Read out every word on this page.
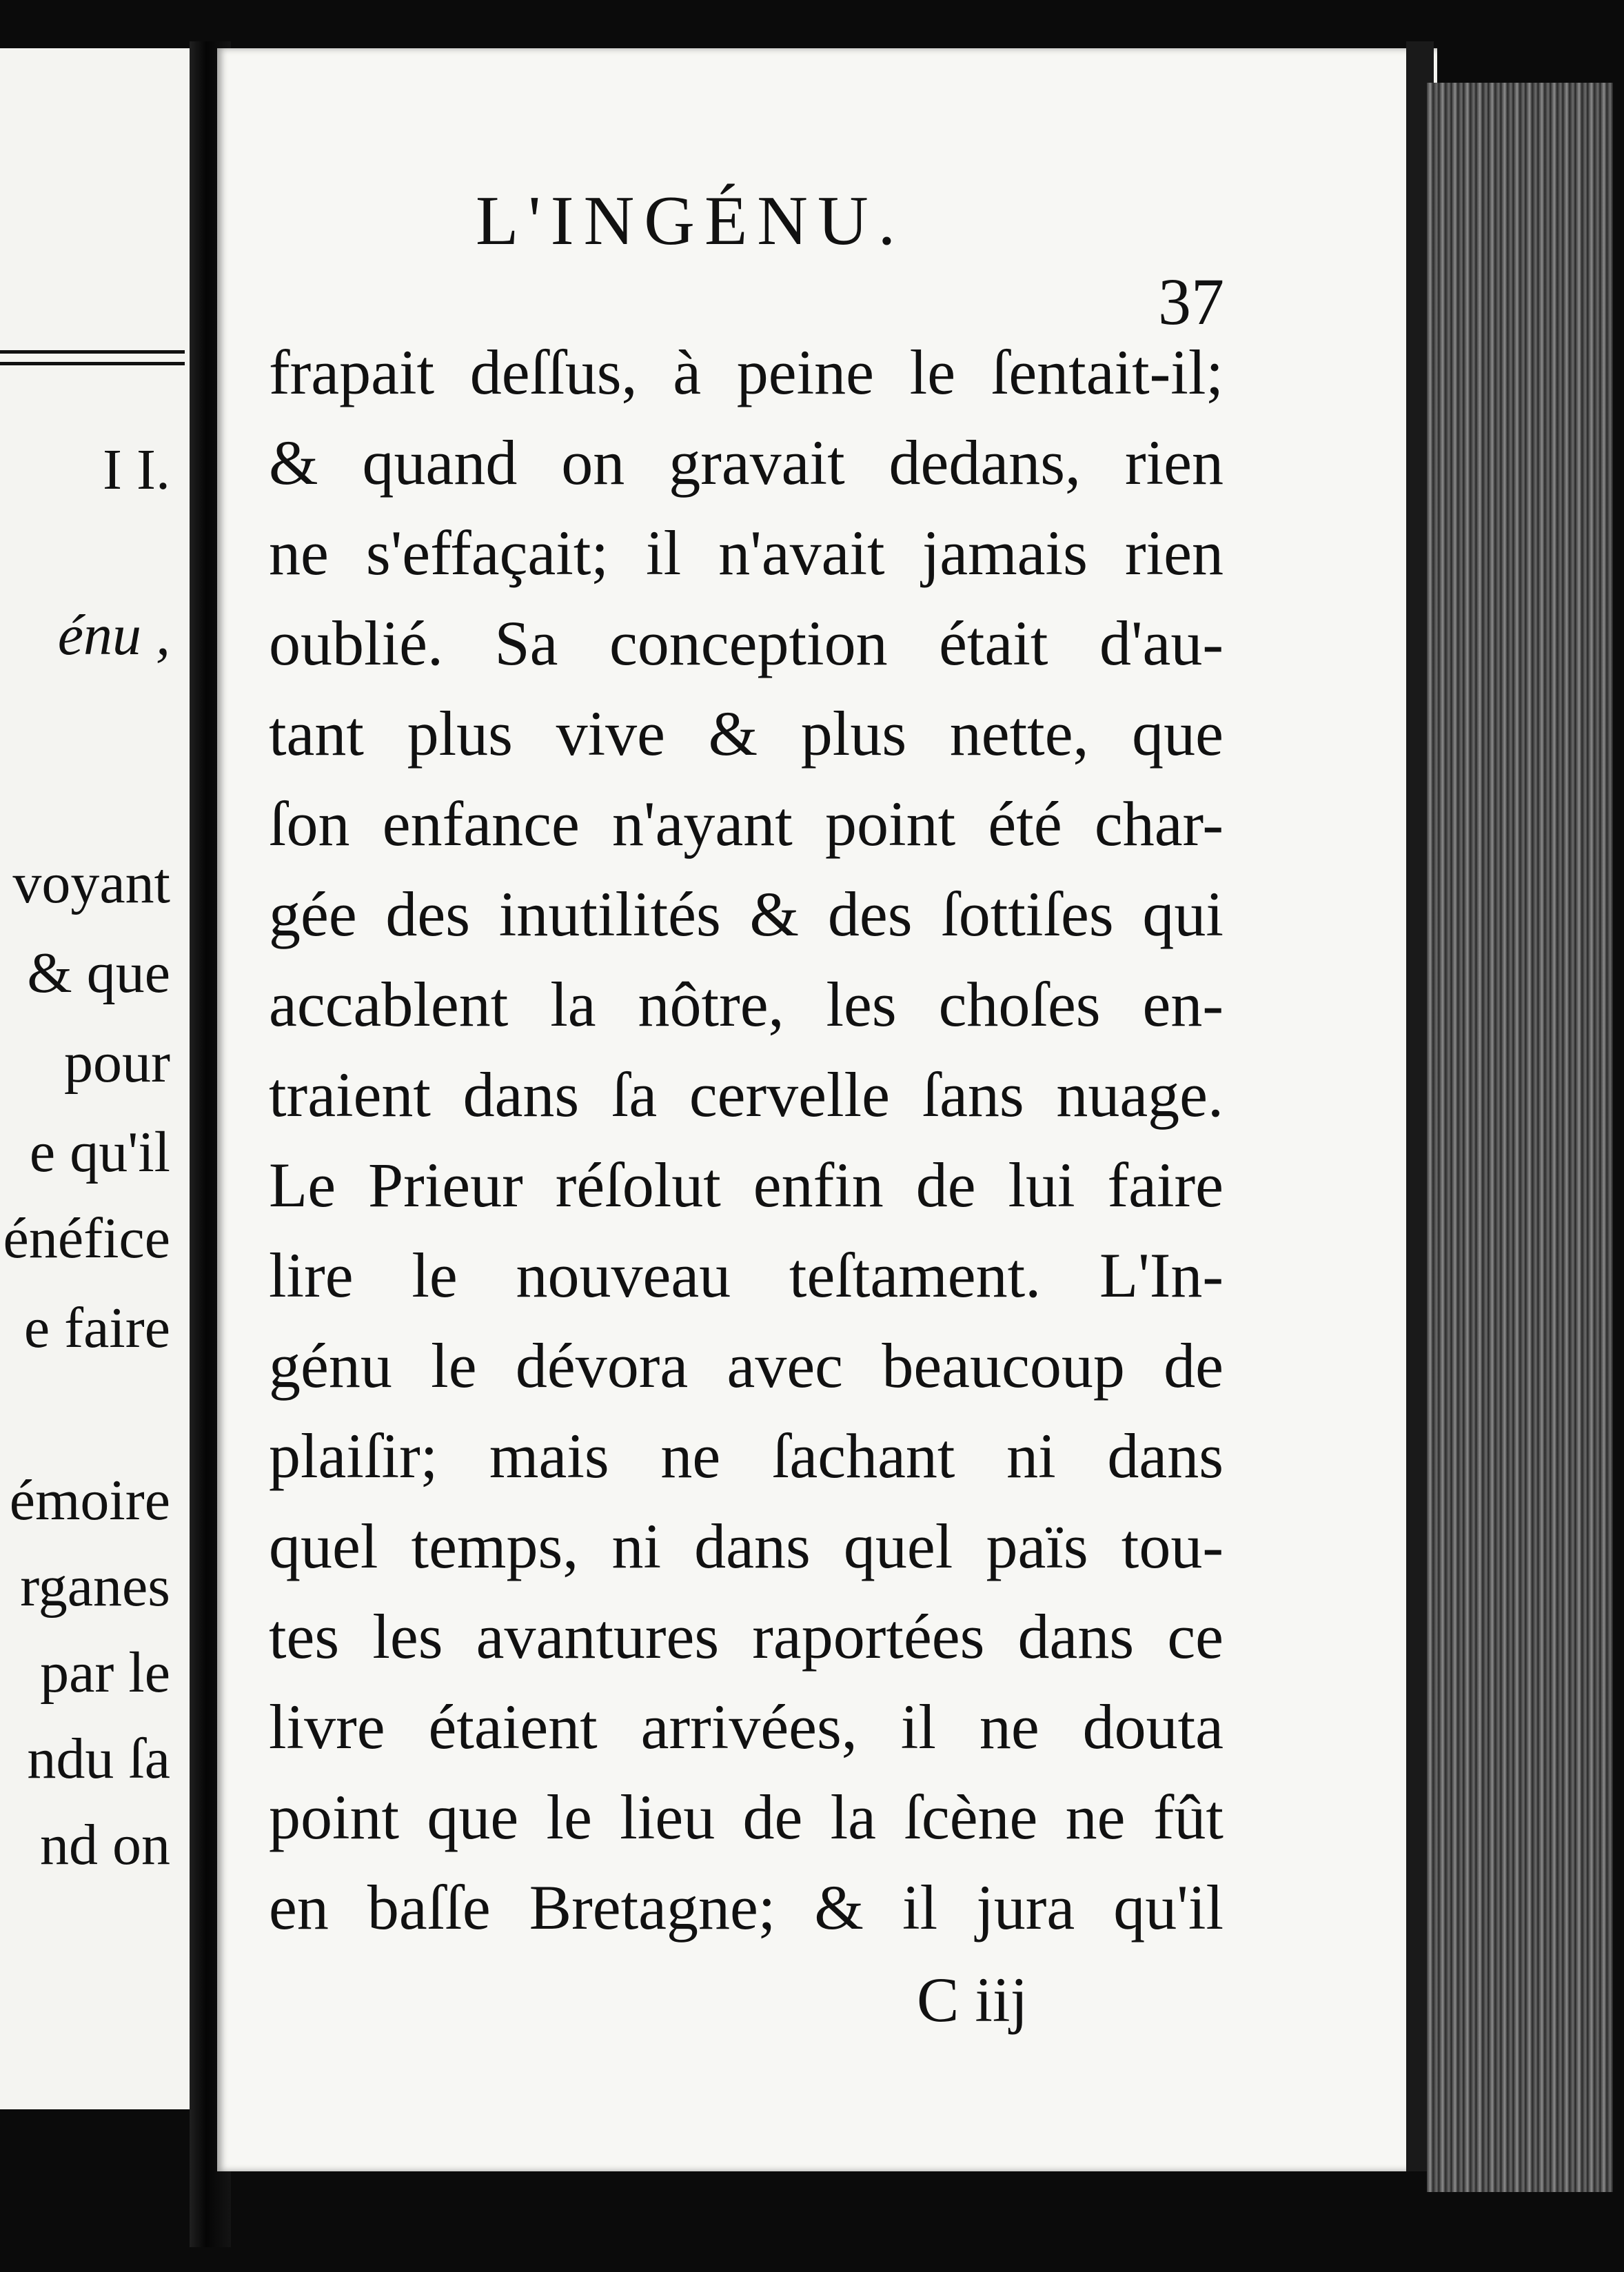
I I.
énu ,
voyant
& que
pour
e qu'il
énéfice
e faire
émoire
rganes
par le
ndu ſa
nd on
L'INGÉNU.
37
frapait deſſus, à peine le ſentait-il;
& quand on gravait dedans, rien
ne s'effaçait; il n'avait jamais rien
oublié. Sa conception était d'au-
tant plus vive & plus nette, que
ſon enfance n'ayant point été char-
gée des inutilités & des ſottiſes qui
accablent la nôtre, les choſes en-
traient dans ſa cervelle ſans nuage.
Le Prieur réſolut enfin de lui faire
lire le nouveau teſtament. L'In-
génu le dévora avec beaucoup de
plaiſir; mais ne ſachant ni dans
quel temps, ni dans quel païs tou-
tes les avantures raportées dans ce
livre étaient arrivées, il ne douta
point que le lieu de la ſcène ne fût
en baſſe Bretagne; & il jura qu'il
C iij
